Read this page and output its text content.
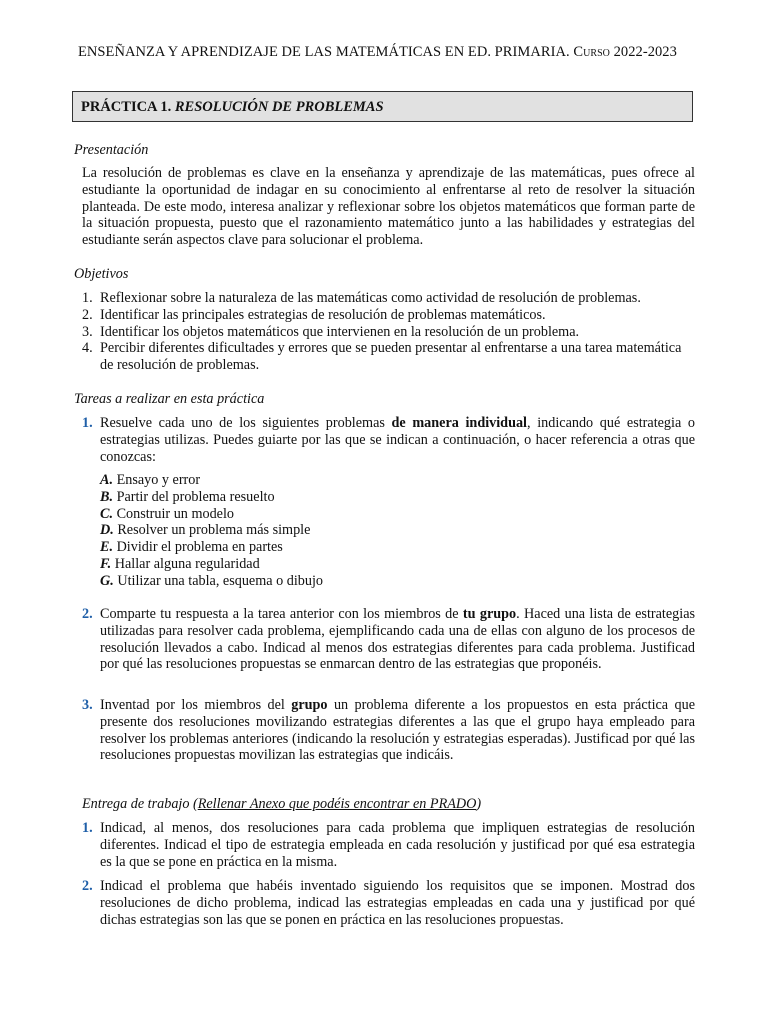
ENSEÑANZA Y APRENDIZAJE DE LAS MATEMÁTICAS EN ED. PRIMARIA. Curso 2022-2023
PRÁCTICA 1. RESOLUCIÓN DE PROBLEMAS
Presentación
La resolución de problemas es clave en la enseñanza y aprendizaje de las matemáticas, pues ofrece al estudiante la oportunidad de indagar en su conocimiento al enfrentarse al reto de resolver la situación planteada. De este modo, interesa analizar y reflexionar sobre los objetos matemáticos que forman parte de la situación propuesta, puesto que el razonamiento matemático junto a las habilidades y estrategias del estudiante serán aspectos clave para solucionar el problema.
Objetivos
1. Reflexionar sobre la naturaleza de las matemáticas como actividad de resolución de problemas.
2. Identificar las principales estrategias de resolución de problemas matemáticos.
3. Identificar los objetos matemáticos que intervienen en la resolución de un problema.
4. Percibir diferentes dificultades y errores que se pueden presentar al enfrentarse a una tarea matemática de resolución de problemas.
Tareas a realizar en esta práctica
1. Resuelve cada uno de los siguientes problemas de manera individual, indicando qué estrategia o estrategias utilizas. Puedes guiarte por las que se indican a continuación, o hacer referencia a otras que conozcas:
A. Ensayo y error
B. Partir del problema resuelto
C. Construir un modelo
D. Resolver un problema más simple
E. Dividir el problema en partes
F. Hallar alguna regularidad
G. Utilizar una tabla, esquema o dibujo
2. Comparte tu respuesta a la tarea anterior con los miembros de tu grupo. Haced una lista de estrategias utilizadas para resolver cada problema, ejemplificando cada una de ellas con alguno de los procesos de resolución llevados a cabo. Indicad al menos dos estrategias diferentes para cada problema. Justificad por qué las resoluciones propuestas se enmarcan dentro de las estrategias que proponéis.
3. Inventad por los miembros del grupo un problema diferente a los propuestos en esta práctica que presente dos resoluciones movilizando estrategias diferentes a las que el grupo haya empleado para resolver los problemas anteriores (indicando la resolución y estrategias esperadas). Justificad por qué las resoluciones propuestas movilizan las estrategias que indicáis.
Entrega de trabajo (Rellenar Anexo que podéis encontrar en PRADO)
1. Indicad, al menos, dos resoluciones para cada problema que impliquen estrategias de resolución diferentes. Indicad el tipo de estrategia empleada en cada resolución y justificad por qué esa estrategia es la que se pone en práctica en la misma.
2. Indicad el problema que habéis inventado siguiendo los requisitos que se imponen. Mostrad dos resoluciones de dicho problema, indicad las estrategias empleadas en cada una y justificad por qué dichas estrategias son las que se ponen en práctica en las resoluciones propuestas.
